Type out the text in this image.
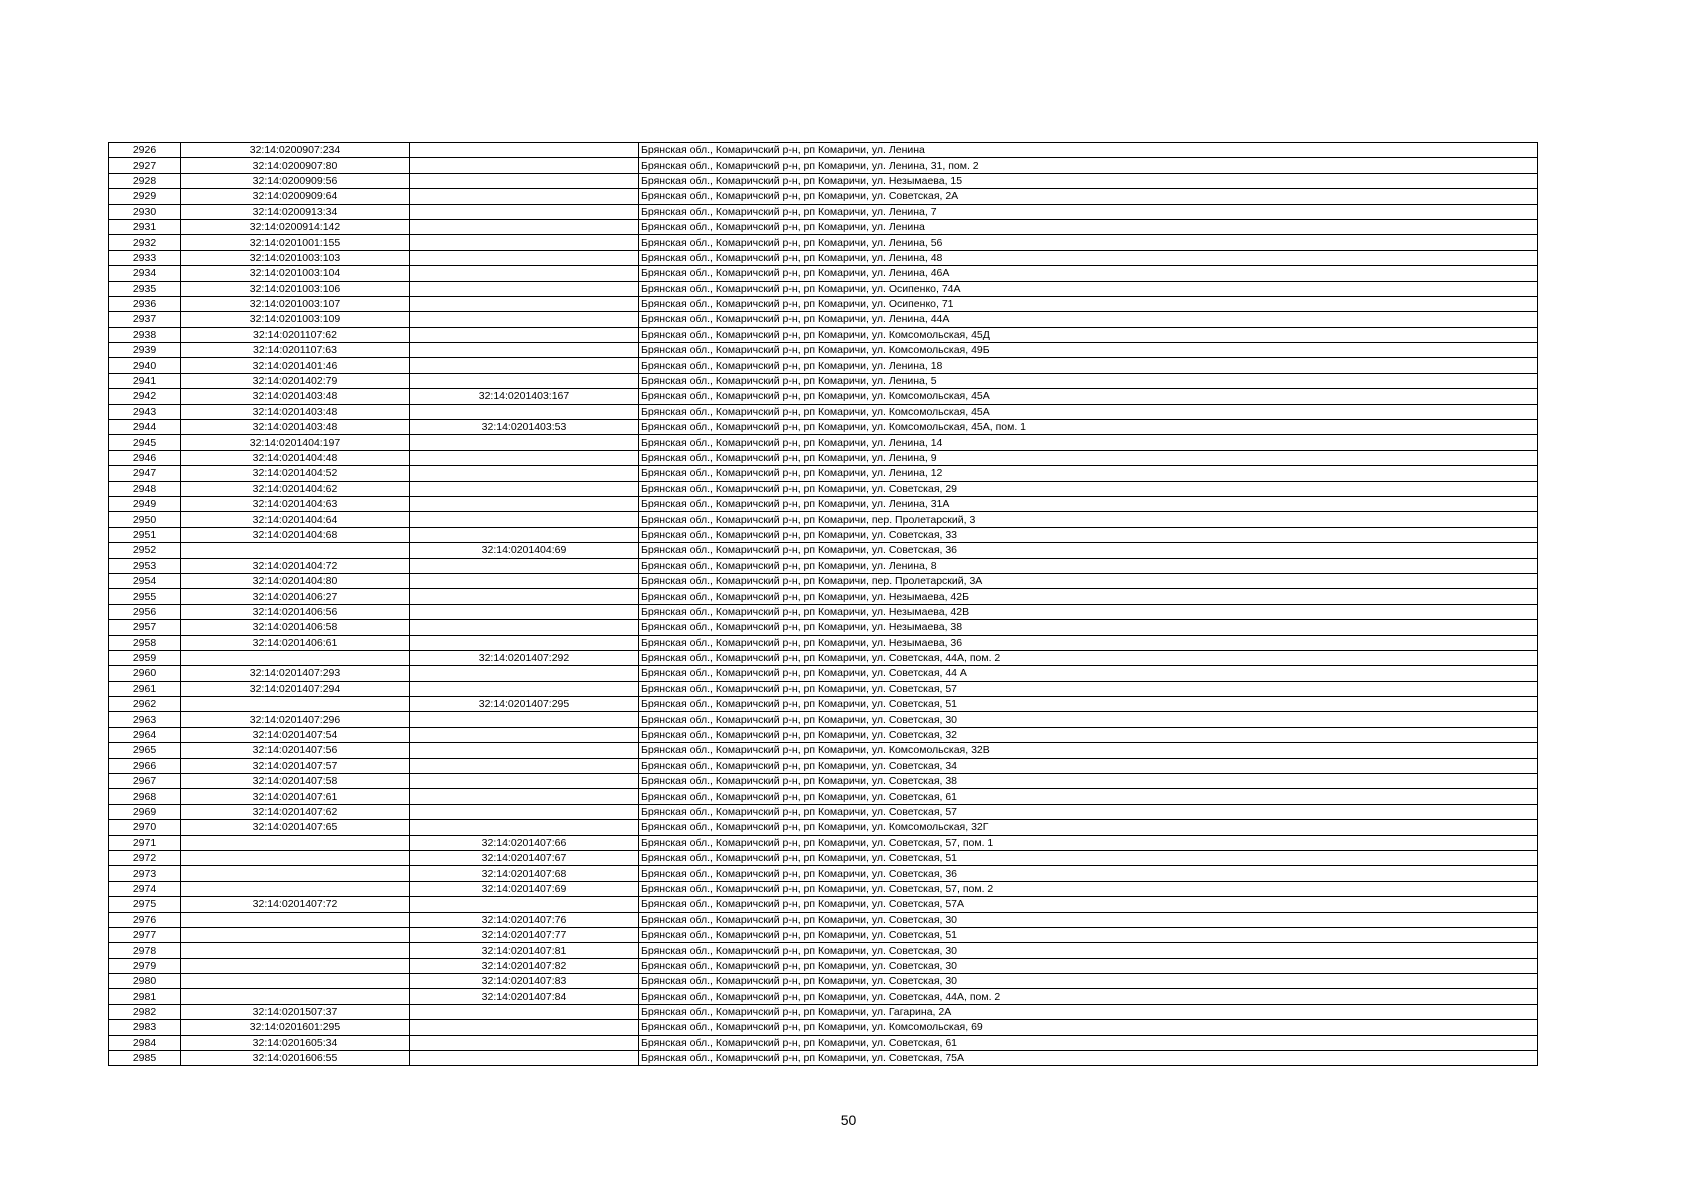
2926	32:14:0200907:234		Брянская обл., Комаричский р-н, рп Комаричи, ул. Ленина
2927	32:14:0200907:80		Брянская обл., Комаричский р-н, рп Комаричи, ул. Ленина, 31, пом. 2
2928	32:14:0200909:56		Брянская обл., Комаричский р-н, рп Комаричи, ул. Незымаева, 15
2929	32:14:0200909:64		Брянская обл., Комаричский р-н, рп Комаричи, ул. Советская, 2А
2930	32:14:0200913:34		Брянская обл., Комаричский р-н, рп Комаричи, ул. Ленина, 7
2931	32:14:0200914:142		Брянская обл., Комаричский р-н, рп Комаричи, ул. Ленина
2932	32:14:0201001:155		Брянская обл., Комаричский р-н, рп Комаричи, ул. Ленина, 56
2933	32:14:0201003:103		Брянская обл., Комаричский р-н, рп Комаричи, ул. Ленина, 48
2934	32:14:0201003:104		Брянская обл., Комаричский р-н, рп Комаричи, ул. Ленина, 46А
2935	32:14:0201003:106		Брянская обл., Комаричский р-н, рп Комаричи, ул. Осипенко, 74А
2936	32:14:0201003:107		Брянская обл., Комаричский р-н, рп Комаричи, ул. Осипенко, 71
2937	32:14:0201003:109		Брянская обл., Комаричский р-н, рп Комаричи, ул. Ленина, 44А
2938	32:14:0201107:62		Брянская обл., Комаричский р-н, рп Комаричи, ул. Комсомольская, 45Д
2939	32:14:0201107:63		Брянская обл., Комаричский р-н, рп Комаричи, ул. Комсомольская, 49Б
2940	32:14:0201401:46		Брянская обл., Комаричский р-н, рп Комаричи, ул. Ленина, 18
2941	32:14:0201402:79		Брянская обл., Комаричский р-н, рп Комаричи, ул. Ленина, 5
2942	32:14:0201403:48	32:14:0201403:167	Брянская обл., Комаричский р-н, рп Комаричи, ул. Комсомольская, 45А
2943	32:14:0201403:48		Брянская обл., Комаричский р-н, рп Комаричи, ул. Комсомольская, 45А
2944	32:14:0201403:48	32:14:0201403:53	Брянская обл., Комаричский р-н, рп Комаричи, ул. Комсомольская, 45А, пом. 1
2945	32:14:0201404:197		Брянская обл., Комаричский р-н, рп Комаричи, ул. Ленина, 14
2946	32:14:0201404:48		Брянская обл., Комаричский р-н, рп Комаричи, ул. Ленина, 9
2947	32:14:0201404:52		Брянская обл., Комаричский р-н, рп Комаричи, ул. Ленина, 12
2948	32:14:0201404:62		Брянская обл., Комаричский р-н, рп Комаричи, ул. Советская, 29
2949	32:14:0201404:63		Брянская обл., Комаричский р-н, рп Комаричи, ул. Ленина, 31А
2950	32:14:0201404:64		Брянская обл., Комаричский р-н, рп Комаричи, пер. Пролетарский, 3
2951	32:14:0201404:68		Брянская обл., Комаричский р-н, рп Комаричи, ул. Советская, 33
2952		32:14:0201404:69	Брянская обл., Комаричский р-н, рп Комаричи, ул. Советская, 36
2953	32:14:0201404:72		Брянская обл., Комаричский р-н, рп Комаричи, ул. Ленина, 8
2954	32:14:0201404:80		Брянская обл., Комаричский р-н, рп Комаричи, пер. Пролетарский, 3А
2955	32:14:0201406:27		Брянская обл., Комаричский р-н, рп Комаричи, ул. Незымаева, 42Б
2956	32:14:0201406:56		Брянская обл., Комаричский р-н, рп Комаричи, ул. Незымаева, 42В
2957	32:14:0201406:58		Брянская обл., Комаричский р-н, рп Комаричи, ул. Незымаева, 38
2958	32:14:0201406:61		Брянская обл., Комаричский р-н, рп Комаричи, ул. Незымаева, 36
2959		32:14:0201407:292	Брянская обл., Комаричский р-н, рп Комаричи, ул. Советская, 44А, пом. 2
2960	32:14:0201407:293		Брянская обл., Комаричский р-н, рп Комаричи, ул. Советская, 44 А
2961	32:14:0201407:294		Брянская обл., Комаричский р-н, рп Комаричи, ул. Советская, 57
2962		32:14:0201407:295	Брянская обл., Комаричский р-н, рп Комаричи, ул. Советская, 51
2963	32:14:0201407:296		Брянская обл., Комаричский р-н, рп Комаричи, ул. Советская, 30
2964	32:14:0201407:54		Брянская обл., Комаричский р-н, рп Комаричи, ул. Советская, 32
2965	32:14:0201407:56		Брянская обл., Комаричский р-н, рп Комаричи, ул. Комсомольская, 32В
2966	32:14:0201407:57		Брянская обл., Комаричский р-н, рп Комаричи, ул. Советская, 34
2967	32:14:0201407:58		Брянская обл., Комаричский р-н, рп Комаричи, ул. Советская, 38
2968	32:14:0201407:61		Брянская обл., Комаричский р-н, рп Комаричи, ул. Советская, 61
2969	32:14:0201407:62		Брянская обл., Комаричский р-н, рп Комаричи, ул. Советская, 57
2970	32:14:0201407:65		Брянская обл., Комаричский р-н, рп Комаричи, ул. Комсомольская, 32Г
2971		32:14:0201407:66	Брянская обл., Комаричский р-н, рп Комаричи, ул. Советская, 57, пом. 1
2972		32:14:0201407:67	Брянская обл., Комаричский р-н, рп Комаричи, ул. Советская, 51
2973		32:14:0201407:68	Брянская обл., Комаричский р-н, рп Комаричи, ул. Советская, 36
2974		32:14:0201407:69	Брянская обл., Комаричский р-н, рп Комаричи, ул. Советская, 57, пом. 2
2975	32:14:0201407:72		Брянская обл., Комаричский р-н, рп Комаричи, ул. Советская, 57А
2976		32:14:0201407:76	Брянская обл., Комаричский р-н, рп Комаричи, ул. Советская, 30
2977		32:14:0201407:77	Брянская обл., Комаричский р-н, рп Комаричи, ул. Советская, 51
2978		32:14:0201407:81	Брянская обл., Комаричский р-н, рп Комаричи, ул. Советская, 30
2979		32:14:0201407:82	Брянская обл., Комаричский р-н, рп Комаричи, ул. Советская, 30
2980		32:14:0201407:83	Брянская обл., Комаричский р-н, рп Комаричи, ул. Советская, 30
2981		32:14:0201407:84	Брянская обл., Комаричский р-н, рп Комаричи, ул. Советская, 44А, пом. 2
2982	32:14:0201507:37		Брянская обл., Комаричский р-н, рп Комаричи, ул. Гагарина, 2А
2983	32:14:0201601:295		Брянская обл., Комаричский р-н, рп Комаричи, ул. Комсомольская, 69
2984	32:14:0201605:34		Брянская обл., Комаричский р-н, рп Комаричи, ул. Советская, 61
2985	32:14:0201606:55		Брянская обл., Комаричский р-н, рп Комаричи, ул. Советская, 75А
50
